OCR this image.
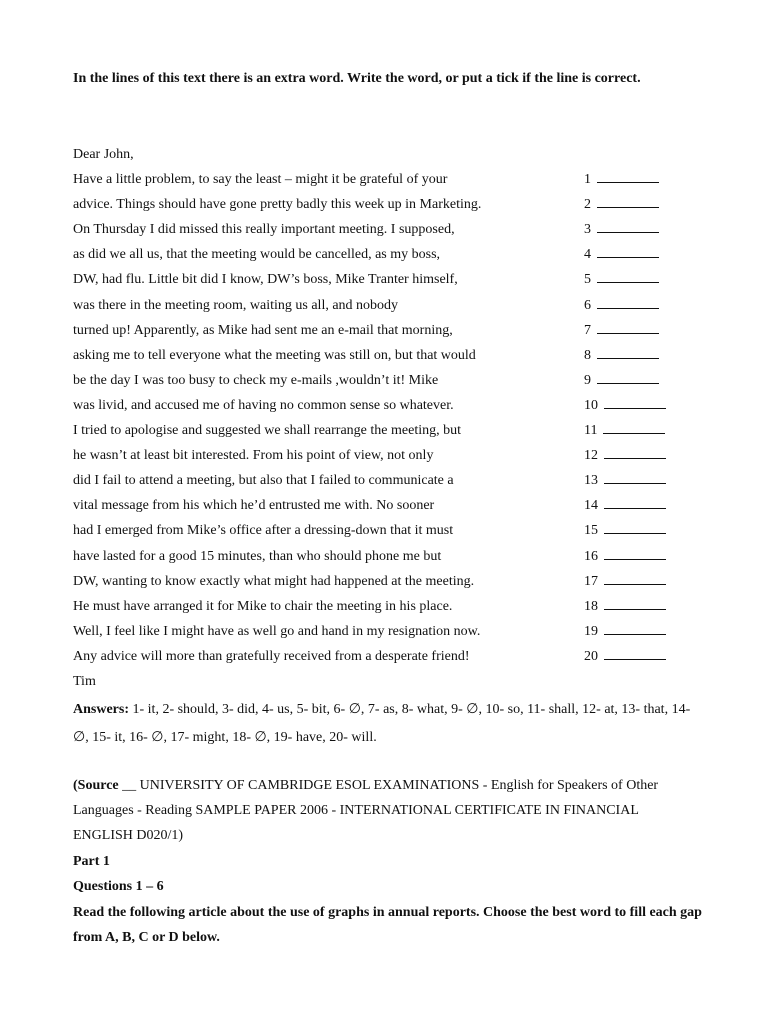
In the lines of this text there is an extra word. Write the word, or put a tick if the line is correct.
Dear John,
Have a little problem, to say the least – might it be grateful of your	1
advice. Things should have gone pretty badly this week up in Marketing.	2
On Thursday I did missed this really important meeting. I supposed,	3
as did we all us, that the meeting would be cancelled, as my boss,	4
DW, had flu. Little bit did I know, DW’s boss, Mike Tranter himself,	5
was there in the meeting room, waiting us all, and nobody	6
turned up! Apparently, as Mike had sent me an e-mail that morning,	7
asking me to tell everyone what the meeting was still on, but that would	8
be the day I was too busy to check my e-mails ,wouldn’t it! Mike	9
was livid, and accused me of having no common sense so whatever.	10
I tried to apologise and suggested we shall rearrange the meeting, but	11
he wasn’t at least bit interested. From his point of view, not only	12
did I fail to attend a meeting, but also that I failed to communicate a	13
vital message from his which he’d entrusted me with. No sooner	14
had I emerged from Mike’s office after a dressing-down that it must	15
have lasted for a good 15 minutes, than who should phone me but	16
DW, wanting to know exactly what might had happened at the meeting.	17
He must have arranged it for Mike to chair the meeting in his place.	18
Well, I feel like I might have as well go and hand in my resignation now.	19
Any advice will more than gratefully received from a desperate friend!	20
Tim
Answers: 1- it, 2- should, 3- did, 4- us, 5- bit, 6- ∅, 7- as, 8- what, 9- ∅, 10- so, 11- shall, 12- at, 13- that, 14- ∅, 15- it, 16- ∅, 17- might, 18- ∅, 19- have, 20- will.
(Source __ UNIVERSITY OF CAMBRIDGE ESOL EXAMINATIONS - English for Speakers of Other Languages - Reading SAMPLE PAPER 2006 - INTERNATIONAL CERTIFICATE IN FINANCIAL ENGLISH D020/1)
Part 1
Questions 1 – 6
Read the following article about the use of graphs in annual reports. Choose the best word to fill each gap from A, B, C or D below.
